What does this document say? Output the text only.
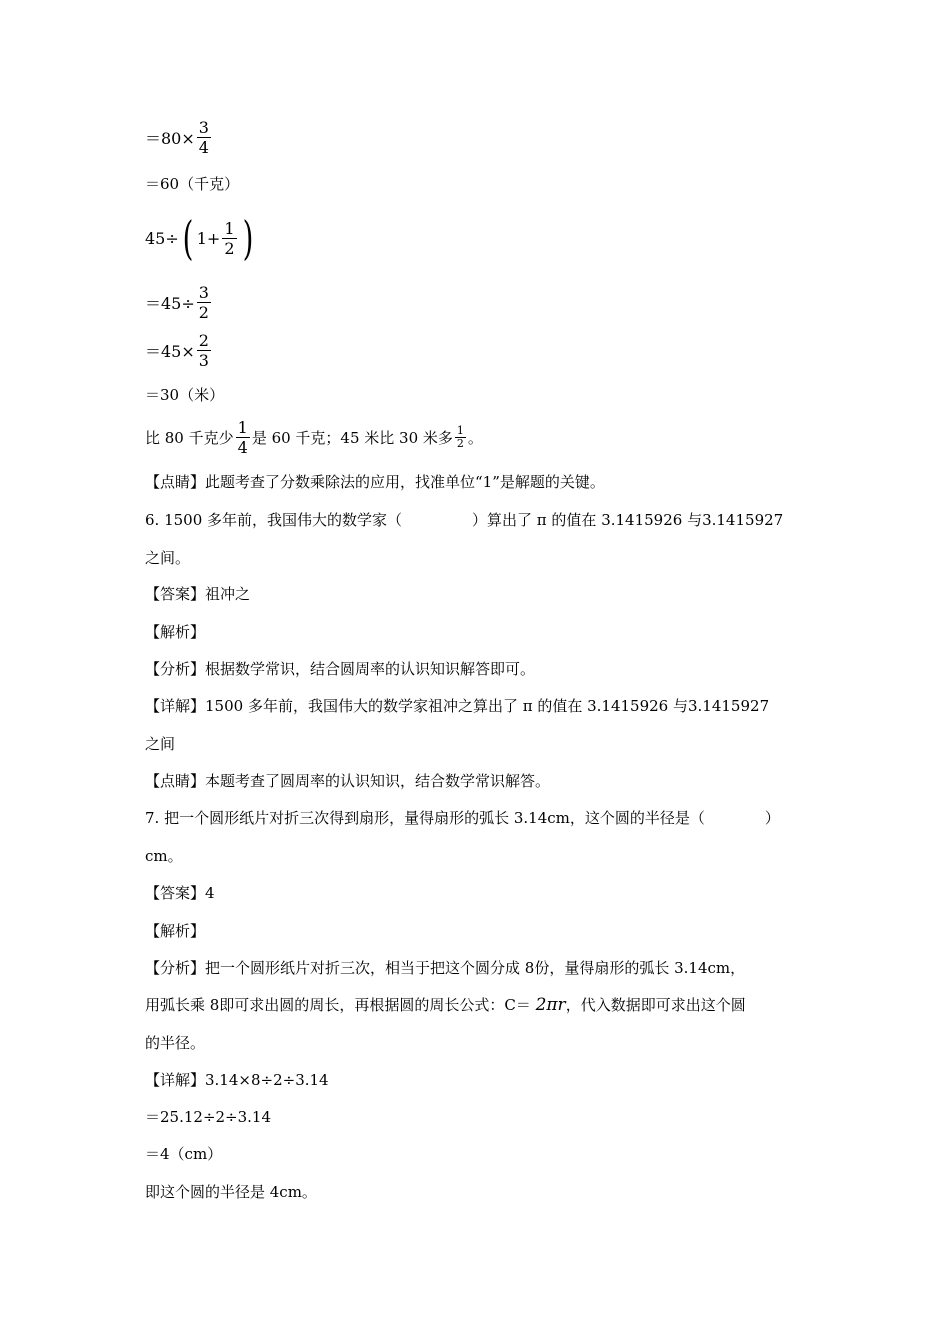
$=80\times \frac{3}{4}$
＝60（千克）
45÷ ( $1+ \frac{1}{2}$ )
$=45\div \frac{3}{2}$
$=45\times \frac{2}{3}$
＝30（米）
比 80 千克少 $\frac{1}{4}$ 是 60 千克；45 米比 30 米多 $\frac{1}{2}$ 。
【点睛】此题考查了分数乘除法的应用，找准单位“1”是解题的关键。
6. 1500 多年前，我国伟大的数学家（	）算出了 π 的值在 3.1415926 与3.1415927
之间。
【答案】祖冲之
【解析】
【分析】根据数学常识，结合圆周率的认识知识解答即可。
【详解】1500 多年前，我国伟大的数学家祖冲之算出了 π 的值在 3.1415926 与3.1415927
之间
【点睛】本题考查了圆周率的认识知识，结合数学常识解答。
7. 把一个圆形纸片对折三次得到扇形，量得扇形的弧长 3.14cm，这个圆的半径是（	）
cm。
【答案】4
【解析】
【分析】把一个圆形纸片对折三次，相当于把这个圆分成 8份，量得扇形的弧长 3.14cm，
用弧长乘 8即可求出圆的周长，再根据圆的周长公式：C＝ 2πr，代入数据即可求出这个圆
的半径。
【详解】3.14×8÷2÷3.14
＝25.12÷2÷3.14
＝4（cm）
即这个圆的半径是 4cm。
